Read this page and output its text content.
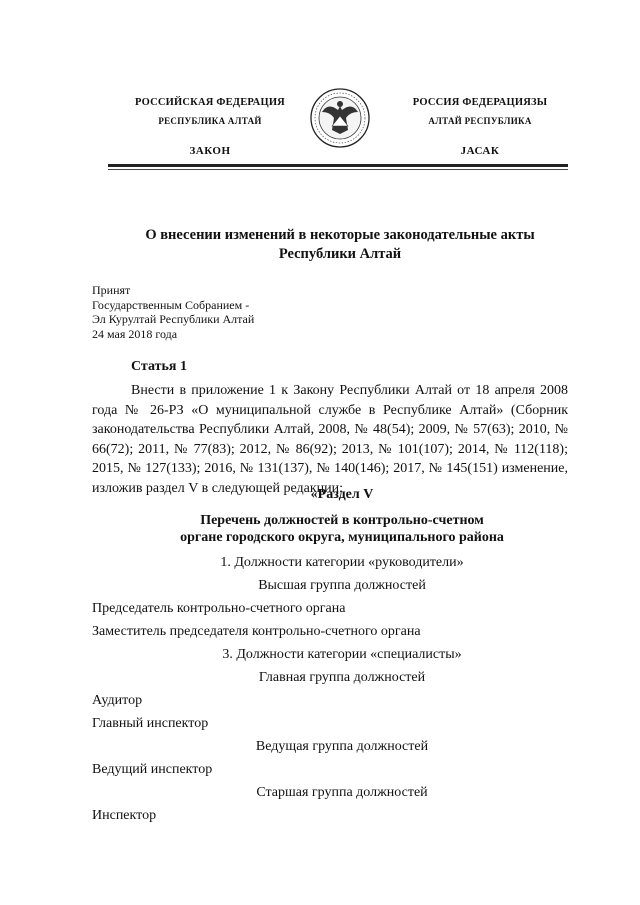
РОССИЙСКАЯ ФЕДЕРАЦИЯ
РЕСПУБЛИКА АЛТАЙ
ЗАКОН
РОССИЯ ФЕДЕРАЦИЯЗЫ
АЛТАЙ РЕСПУБЛИКА
JАСАК
О внесении изменений в некоторые законодательные акты
Республики Алтай
Принят
Государственным Собранием -
Эл Курултай Республики Алтай
24 мая 2018 года
Статья 1
Внести в приложение 1 к Закону Республики Алтай от 18 апреля 2008 года № 26-РЗ «О муниципальной службе в Республике Алтай» (Сборник законодательства Республики Алтай, 2008, № 48(54); 2009, № 57(63); 2010, № 66(72); 2011, № 77(83); 2012, № 86(92); 2013, № 101(107); 2014, № 112(118); 2015, № 127(133); 2016, № 131(137), № 140(146); 2017, № 145(151) изменение, изложив раздел V в следующей редакции:
«Раздел V
Перечень должностей в контрольно-счетном
органе городского округа, муниципального района
1. Должности категории «руководители»
Высшая группа должностей
Председатель контрольно-счетного органа
Заместитель председателя контрольно-счетного органа
3. Должности категории «специалисты»
Главная группа должностей
Аудитор
Главный инспектор
Ведущая группа должностей
Ведущий инспектор
Старшая группа должностей
Инспектор
